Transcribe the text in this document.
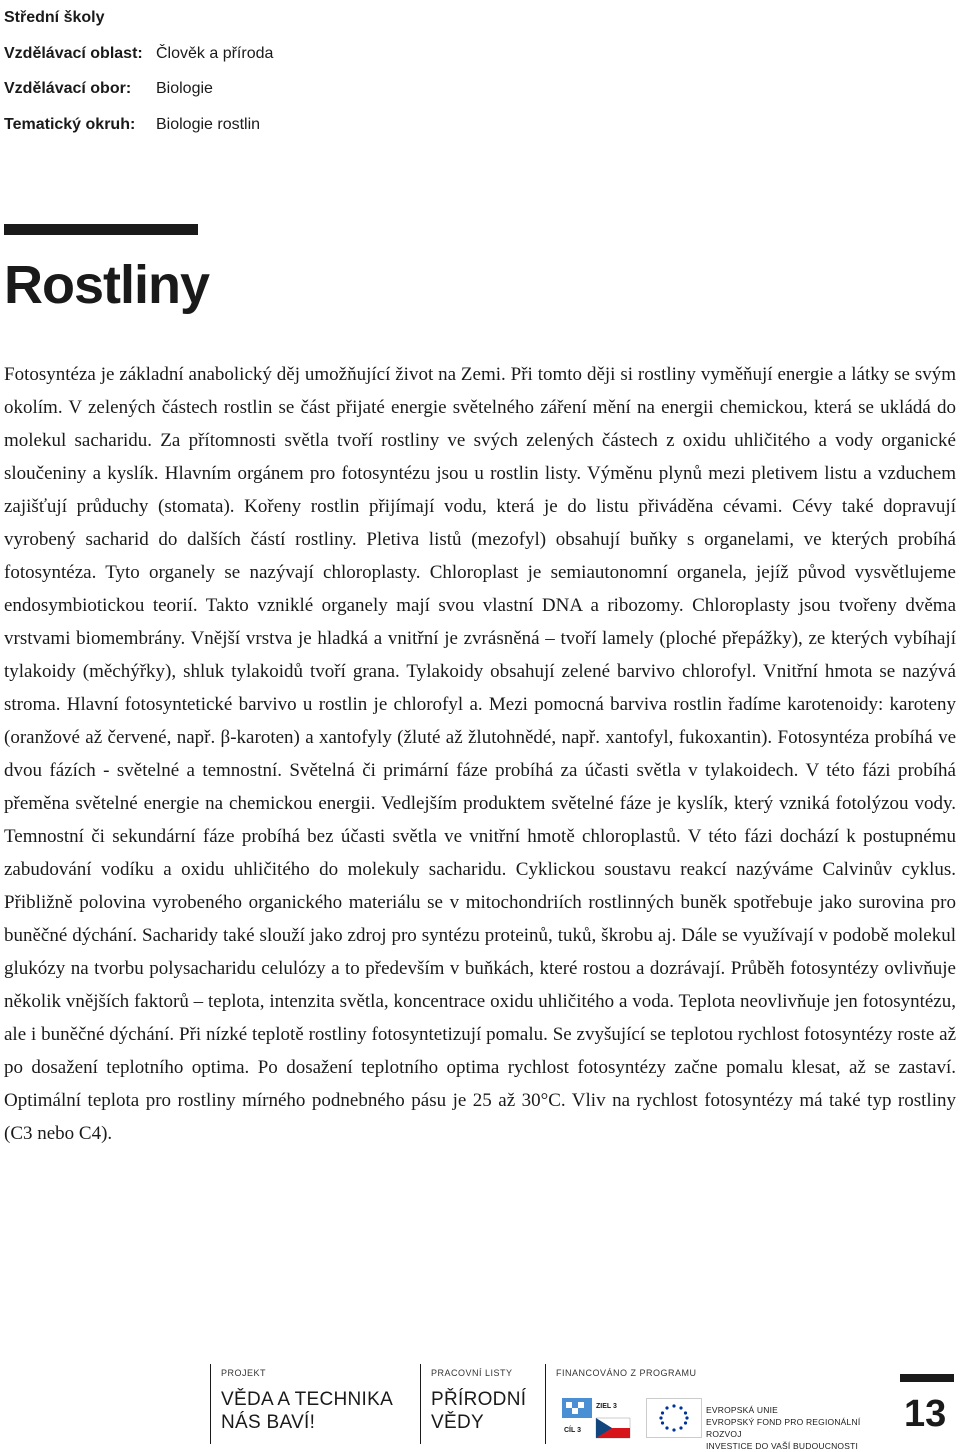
Střední školy
Vzdělávací oblast: Člověk a příroda
Vzdělávací obor:	Biologie
Tematický okruh:	Biologie rostlin
Rostliny

Fotosyntéza je základní anabolický děj umožňující život na Zemi. Při tomto ději si rostliny vyměňují energie a látky se svým okolím. V zelených částech rostlin se část přijaté energie světelného záření mění na energii chemickou, která se ukládá do molekul sacharidu. Za přítomnosti světla tvoří rostliny ve svých zelených částech z oxidu uhličitého a vody organické sloučeniny a kyslík. Hlavním orgánem pro fotosyntézu jsou u rostlin listy. Výměnu plynů mezi pletivem listu a vzduchem zajišťují průduchy (stomata). Kořeny rostlin přijímají vodu, která je do listu přiváděna cévami. Cévy také dopravují vyrobený sacharid do dalších částí rostliny. Pletiva listů (mezofyl) obsahují buňky s organelami, ve kterých probíhá fotosyntéza. Tyto organely se nazývají chloroplasty. Chloroplast je semiautonomní organela, jejíž původ vysvětlujeme endosymbiotickou teorií. Takto vzniklé organely mají svou vlastní DNA a ribozomy. Chloroplasty jsou tvořeny dvěma vrstvami biomembrány. Vnější vrstva je hladká a vnitřní je zvrásněná – tvoří lamely (ploché přepážky), ze kterých vybíhají tylakoidy (měchýřky), shluk tylakoidů tvoří grana. Tylakoidy obsahují zelené barvivo chlorofyl. Vnitřní hmota se nazývá stroma. Hlavní fotosyntetické barvivo u rostlin je chlorofyl a. Mezi pomocná barviva rostlin řadíme karotenoidy: karoteny (oranžové až červené, např. β-karoten) a xantofyly (žluté až žlutohnědé, např. xantofyl, fukoxantin). Fotosyntéza probíhá ve dvou fázích - světelné a temnostní. Světelná či primární fáze probíhá za účasti světla v tylakoidech. V této fázi probíhá přeměna světelné energie na chemickou energii. Vedlejším produktem světelné fáze je kyslík, který vzniká fotolýzou vody. Temnostní či sekundární fáze probíhá bez účasti světla ve vnitřní hmotě chloroplastů. V této fázi dochází k postupnému zabudování vodíku a oxidu uhličitého do molekuly sacharidu. Cyklickou soustavu reakcí nazýváme Calvinův cyklus. Přibližně polovina vyrobeného organického materiálu se v mitochondriích rostlinných buněk spotřebuje jako surovina pro buněčné dýchání. Sacharidy také slouží jako zdroj pro syntézu proteinů, tuků, škrobu aj. Dále se využívají v podobě molekul glukózy na tvorbu polysacharidu celulózy a to především v buňkách, které rostou a dozrávají. Průběh fotosyntézy ovlivňuje několik vnějších faktorů – teplota, intenzita světla, koncentrace oxidu uhličitého a voda. Teplota neovlivňuje jen fotosyntézu, ale i buněčné dýchání. Při nízké teplotě rostliny fotosyntetizují pomalu. Se zvyšující se teplotou rychlost fotosyntézy roste až po dosažení teplotního optima. Po dosažení teplotního optima rychlost fotosyntézy začne pomalu klesat, až se zastaví. Optimální teplota pro rostliny mírného podnebného pásu je 25 až 30°C. Vliv na rychlost fotosyntézy má také typ rostliny (C3 nebo C4).

PROJEKT
VĚDA A TECHNIKA
NÁS BAVÍ!
PRACOVNÍ LISTY
PŘÍRODNÍ
VĚDY
FINANCOVÁNO Z PROGRAMU
ZIEL 3
CÍL 3
EVROPSKÁ UNIE
EVROPSKÝ FOND PRO REGIONÁLNÍ ROZVOJ
INVESTICE DO VAŠÍ BUDOUCNOSTI
13
